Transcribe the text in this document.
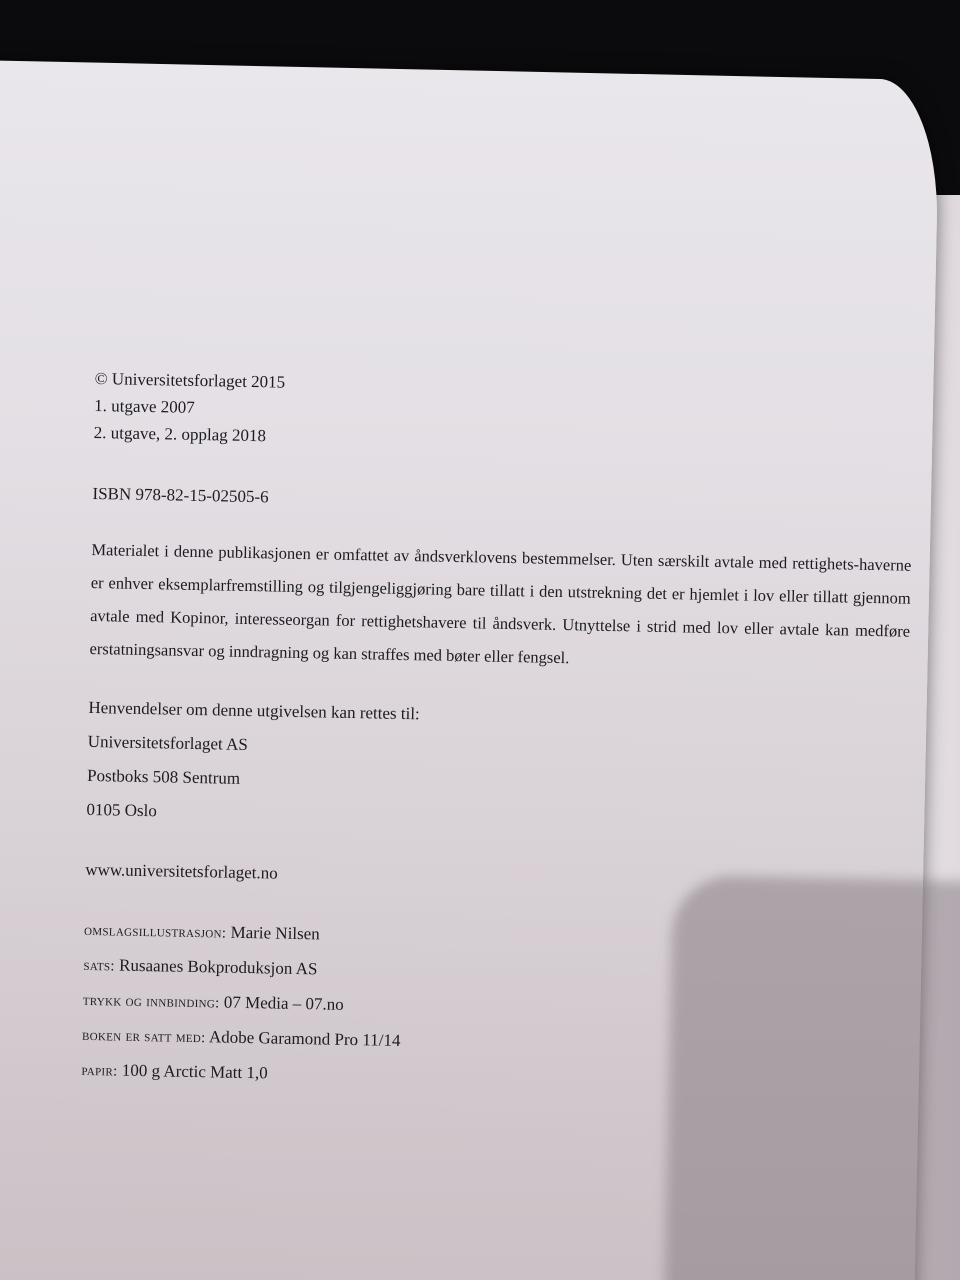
© Universitetsforlaget 2015

1. utgave 2007

2. utgave, 2. opplag 2018

ISBN 978-82-15-02505-6

Materialet i denne publikasjonen er omfattet av åndsverklovens bestemmelser. Uten særskilt avtale med rettighets-haverne er enhver eksemplarfremstilling og tilgjengeliggjøring bare tillatt i den utstrekning det er hjemlet i lov eller tillatt gjennom avtale med Kopinor, interesseorgan for rettighetshavere til åndsverk. Utnyttelse i strid med lov eller avtale kan medføre erstatningsansvar og inndragning og kan straffes med bøter eller fengsel.

Henvendelser om denne utgivelsen kan rettes til:

Universitetsforlaget AS

Postboks 508 Sentrum

0105 Oslo

www.universitetsforlaget.no

omslagsillustrasjon: Marie Nilsen

sats: Rusaanes Bokproduksjon AS

trykk og innbinding: 07 Media – 07.no

boken er satt med: Adobe Garamond Pro 11/14

papir: 100 g Arctic Matt 1,0
